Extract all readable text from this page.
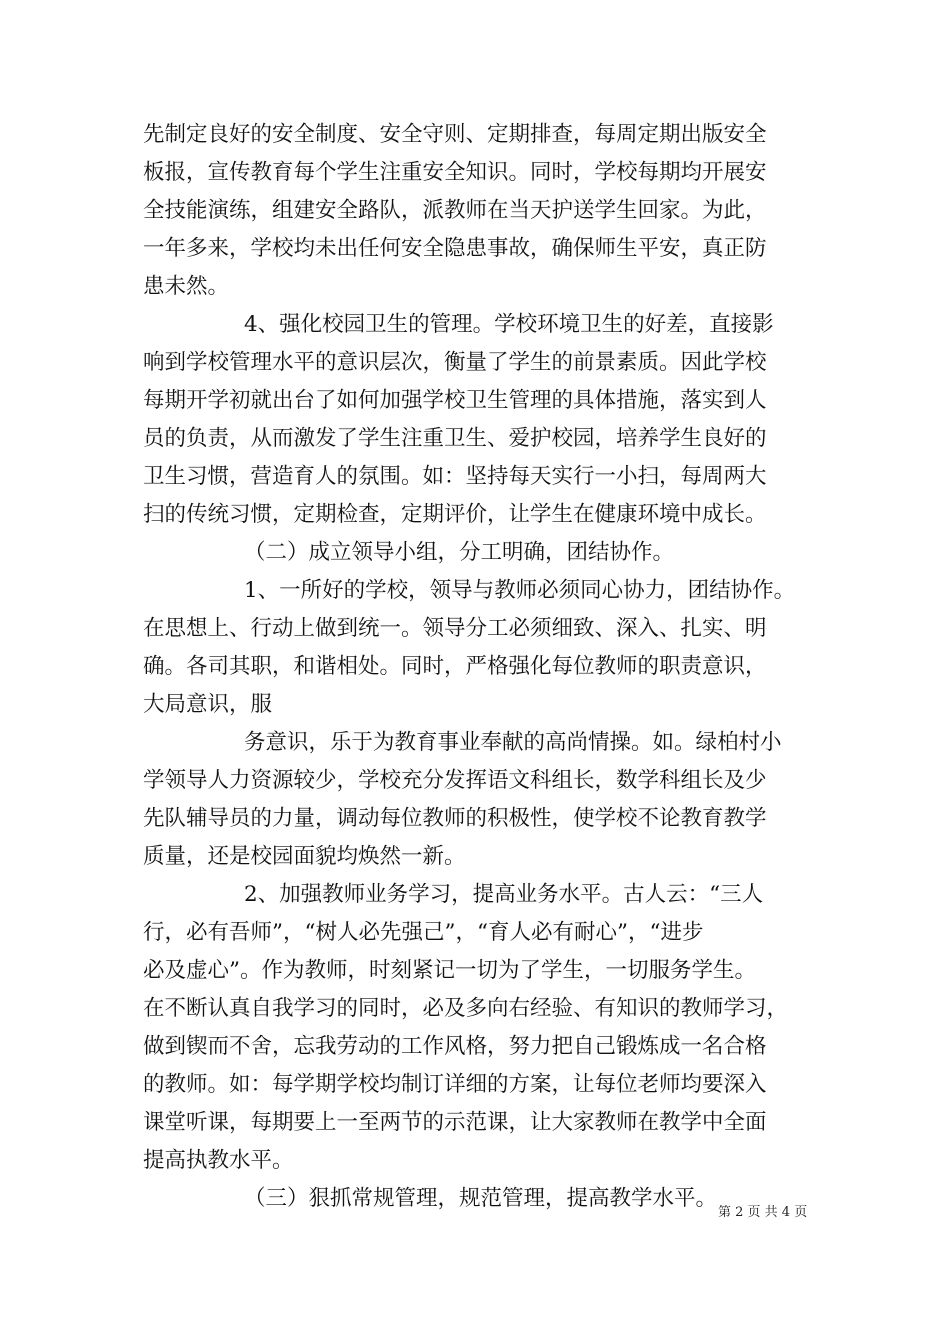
先制定良好的安全制度、安全守则、定期排查，每周定期出版安全
板报，宣传教育每个学生注重安全知识。同时，学校每期均开展安
全技能演练，组建安全路队，派教师在当天护送学生回家。为此，
一年多来，学校均未出任何安全隐患事故，确保师生平安，真正防
患未然。
4、强化校园卫生的管理。学校环境卫生的好差，直接影
响到学校管理水平的意识层次，衡量了学生的前景素质。因此学校
每期开学初就出台了如何加强学校卫生管理的具体措施，落实到人
员的负责，从而激发了学生注重卫生、爱护校园，培养学生良好的
卫生习惯，营造育人的氛围。如：坚持每天实行一小扫，每周两大
扫的传统习惯，定期检查，定期评价，让学生在健康环境中成长。
（二）成立领导小组，分工明确，团结协作。
1、一所好的学校，领导与教师必须同心协力，团结协作。
在思想上、行动上做到统一。领导分工必须细致、深入、扎实、明
确。各司其职，和谐相处。同时，严格强化每位教师的职责意识，
大局意识，服
务意识，乐于为教育事业奉献的高尚情操。如。绿柏村小
学领导人力资源较少，学校充分发挥语文科组长，数学科组长及少
先队辅导员的力量，调动每位教师的积极性，使学校不论教育教学
质量，还是校园面貌均焕然一新。
2、加强教师业务学习，提高业务水平。古人云：“三人
行，必有吾师”，“树人必先强己”，“育人必有耐心”，“进步
必及虚心”。作为教师，时刻紧记一切为了学生，一切服务学生。
在不断认真自我学习的同时，必及多向右经验、有知识的教师学习，
做到锲而不舍，忘我劳动的工作风格，努力把自己锻炼成一名合格
的教师。如：每学期学校均制订详细的方案，让每位老师均要深入
课堂听课，每期要上一至两节的示范课，让大家教师在教学中全面
提高执教水平。
（三）狠抓常规管理，规范管理，提高教学水平。
第 2 页 共 4 页
